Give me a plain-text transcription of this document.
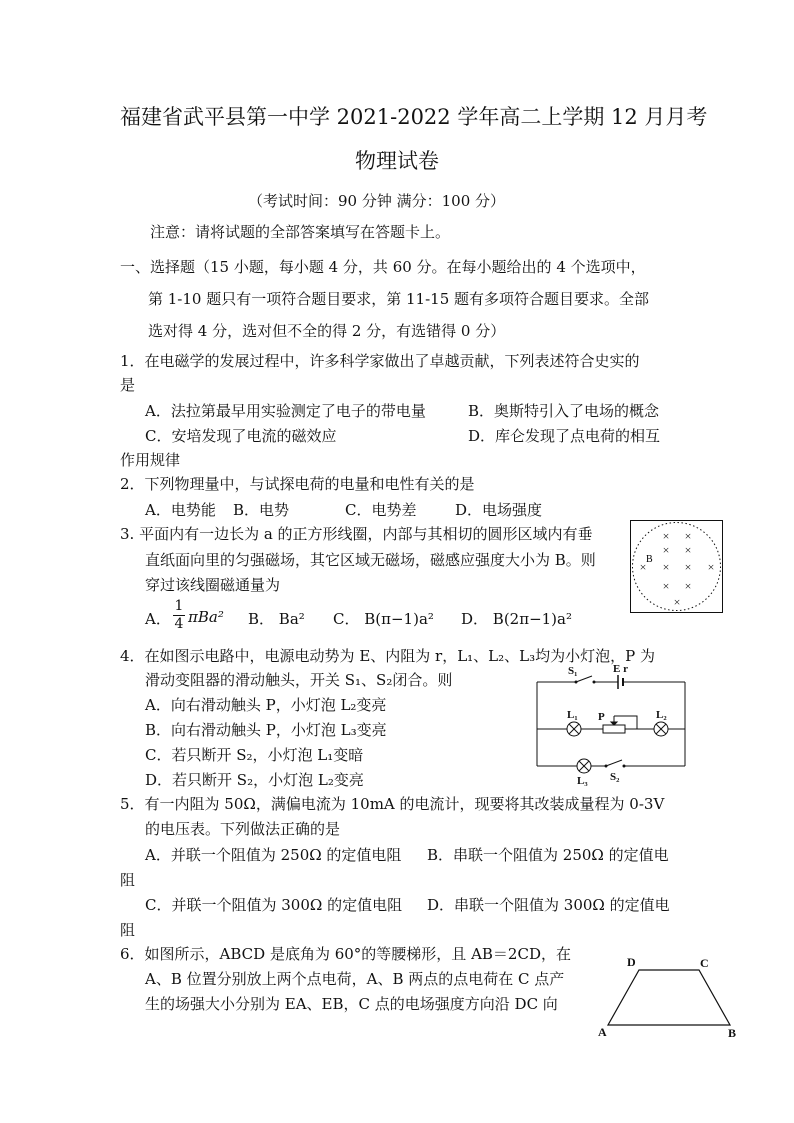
福建省武平县第一中学 2021-2022 学年高二上学期 12 月月考
物理试卷
（考试时间：90 分钟 满分：100 分）
注意：请将试题的全部答案填写在答题卡上。
一、选择题（15 小题，每小题 4 分，共 60 分。在每小题给出的 4 个选项中，
第 1-10 题只有一项符合题目要求，第 11-15 题有多项符合题目要求。全部
选对得 4 分，选对但不全的得 2 分，有选错得 0 分）
1．在电磁学的发展过程中，许多科学家做出了卓越贡献，下列表述符合史实的
是
A．法拉第最早用实验测定了电子的带电量	B．奥斯特引入了电场的概念
C．安培发现了电流的磁效应	D．库仑发现了点电荷的相互
作用规律
2．下列物理量中，与试探电荷的电量和电性有关的是
A．电势能 B．电势	C．电势差	D．电场强度
3. 平面内有一边长为 a 的正方形线圈，内部与其相切的圆形区域内有垂
直纸面向里的匀强磁场，其它区域无磁场，磁感应强度大小为 B。则
穿过该线圈磁通量为
A． $\frac{1}{4} \pi Ba^2$ B． Ba² C． B(π−1)a² D． B(2π−1)a²
B
× ×
× ×
× × × ×
× ×
×
4．在如图示电路中，电源电动势为 E、内阻为 r，L₁、L₂、L₃均为小灯泡，P 为
滑动变阻器的滑动触头，开关 S₁、S₂闭合。则
A．向右滑动触头 P，小灯泡 L₂变亮
B．向右滑动触头 P，小灯泡 L₃变亮
C．若只断开 S₂，小灯泡 L₁变暗
D．若只断开 S₂，小灯泡 L₂变亮
S₁	E r
L₁ P	L₂
L₃ S₂
5．有一内阻为 50Ω，满偏电流为 10mA 的电流计，现要将其改装成量程为 0-3V
的电压表。下列做法正确的是
A．并联一个阻值为 250Ω 的定值电阻 B．串联一个阻值为 250Ω 的定值电
阻
C．并联一个阻值为 300Ω 的定值电阻 D．串联一个阻值为 300Ω 的定值电
阻
6．如图所示，ABCD 是底角为 60°的等腰梯形，且 AB＝2CD，在
A、B 位置分别放上两个点电荷，A、B 两点的点电荷在 C 点产
生的场强大小分别为 EA、EB，C 点的电场强度方向沿 DC 向
A	B
C
D
